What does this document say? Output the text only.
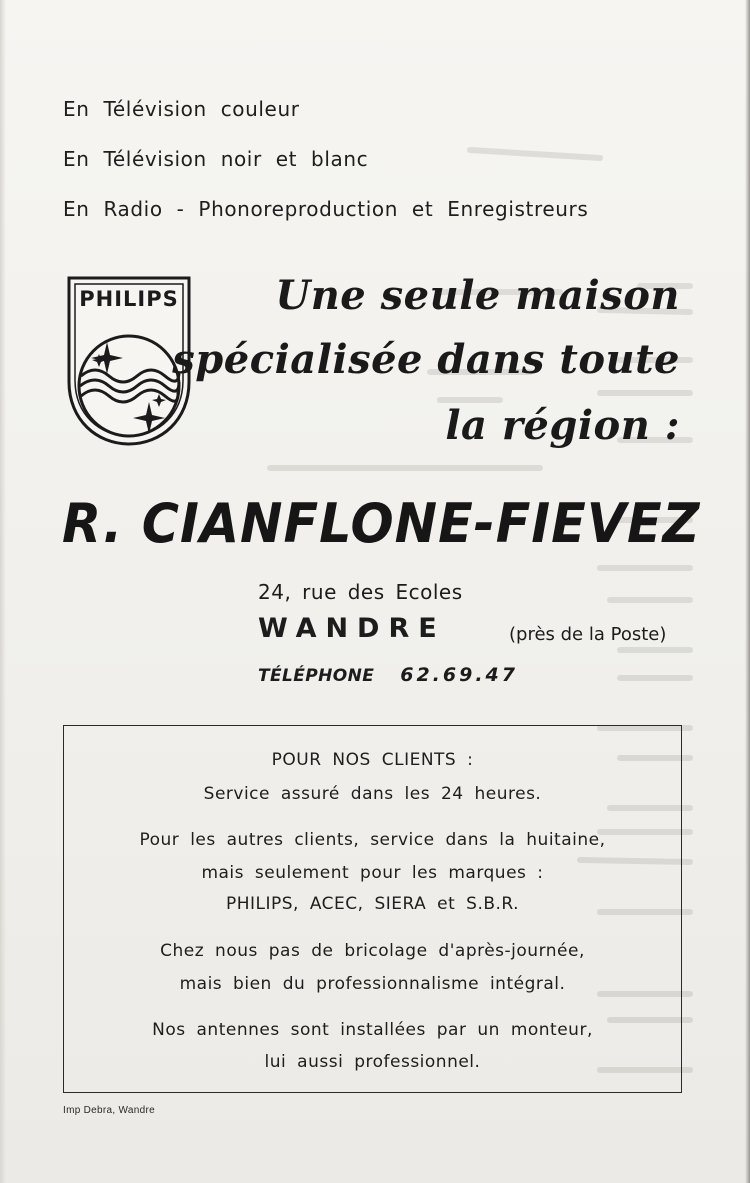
En Télévision couleur
En Télévision noir et blanc
En Radio - Phonoreproduction et Enregistreurs
PHILIPS	Une seule maison
spécialisée dans toute
la région :
R. CIANFLONE-FIEVEZ
24, rue des Ecoles
WANDRE	(près de la Poste)
TÉLÉPHONE 62.69.47
POUR NOS CLIENTS :
Service assuré dans les 24 heures.
Pour les autres clients, service dans la huitaine,
mais seulement pour les marques :
PHILIPS, ACEC, SIERA et S.B.R.
Chez nous pas de bricolage d'après-journée,
mais bien du professionnalisme intégral.
Nos antennes sont installées par un monteur,
lui aussi professionnel.
Imp Debra, Wandre
